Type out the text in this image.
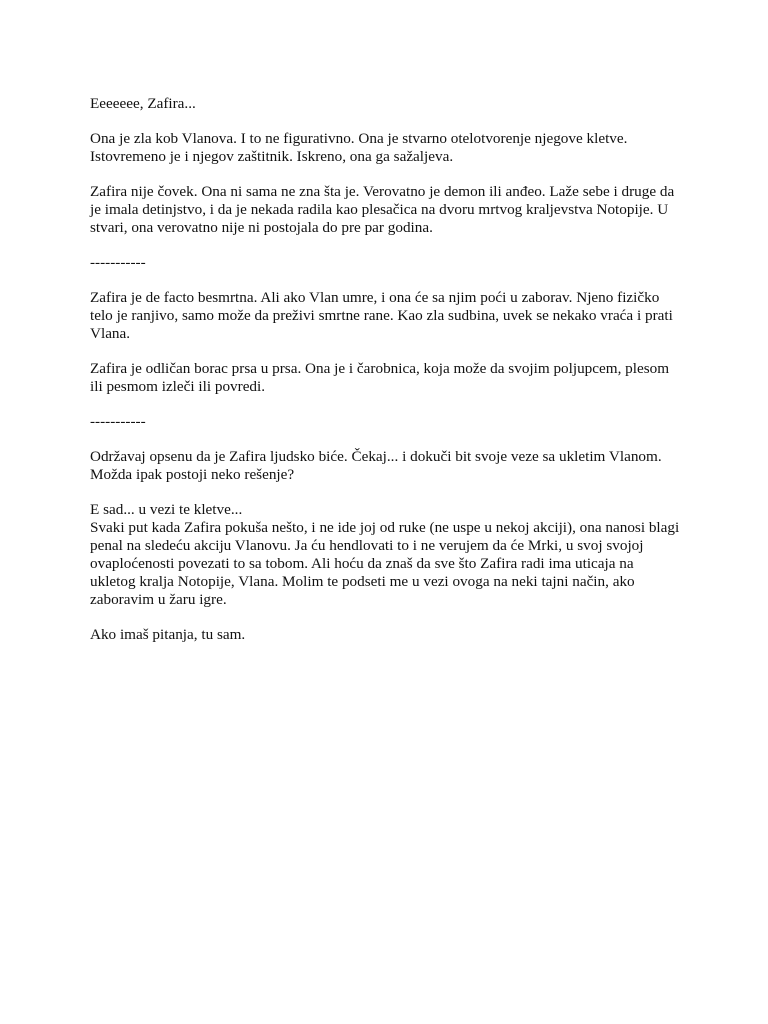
Eeeeeee, Zafira...

Ona je zla kob Vlanova. I to ne figurativno. Ona je stvarno otelotvorenje njegove kletve.
Istovremeno je i njegov zaštitnik. Iskreno, ona ga sažaljeva.

Zafira nije čovek. Ona ni sama ne zna šta je. Verovatno je demon ili anđeo. Laže sebe i druge da
je imala detinjstvo, i da je nekada radila kao plesačica na dvoru mrtvog kraljevstva Notopije. U
stvari, ona verovatno nije ni postojala do pre par godina.

-----------

Zafira je de facto besmrtna. Ali ako Vlan umre, i ona će sa njim poći u zaborav. Njeno fizičko
telo je ranjivo, samo može da preživi smrtne rane. Kao zla sudbina, uvek se nekako vraća i prati
Vlana.

Zafira je odličan borac prsa u prsa. Ona je i čarobnica, koja može da svojim poljupcem, plesom
ili pesmom izleči ili povredi.

-----------

Održavaj opsenu da je Zafira ljudsko biće. Čekaj... i dokuči bit svoje veze sa ukletim Vlanom.
Možda ipak postoji neko rešenje?

E sad... u vezi te kletve...
Svaki put kada Zafira pokuša nešto, i ne ide joj od ruke (ne uspe u nekoj akciji), ona nanosi blagi
penal na sledeću akciju Vlanovu. Ja ću hendlovati to i ne verujem da će Mrki, u svoj svojoj
ovaploćenosti povezati to sa tobom. Ali hoću da znaš da sve što Zafira radi ima uticaja na
ukletog kralja Notopije, Vlana. Molim te podseti me u vezi ovoga na neki tajni način, ako
zaboravim u žaru igre.

Ako imaš pitanja, tu sam.
